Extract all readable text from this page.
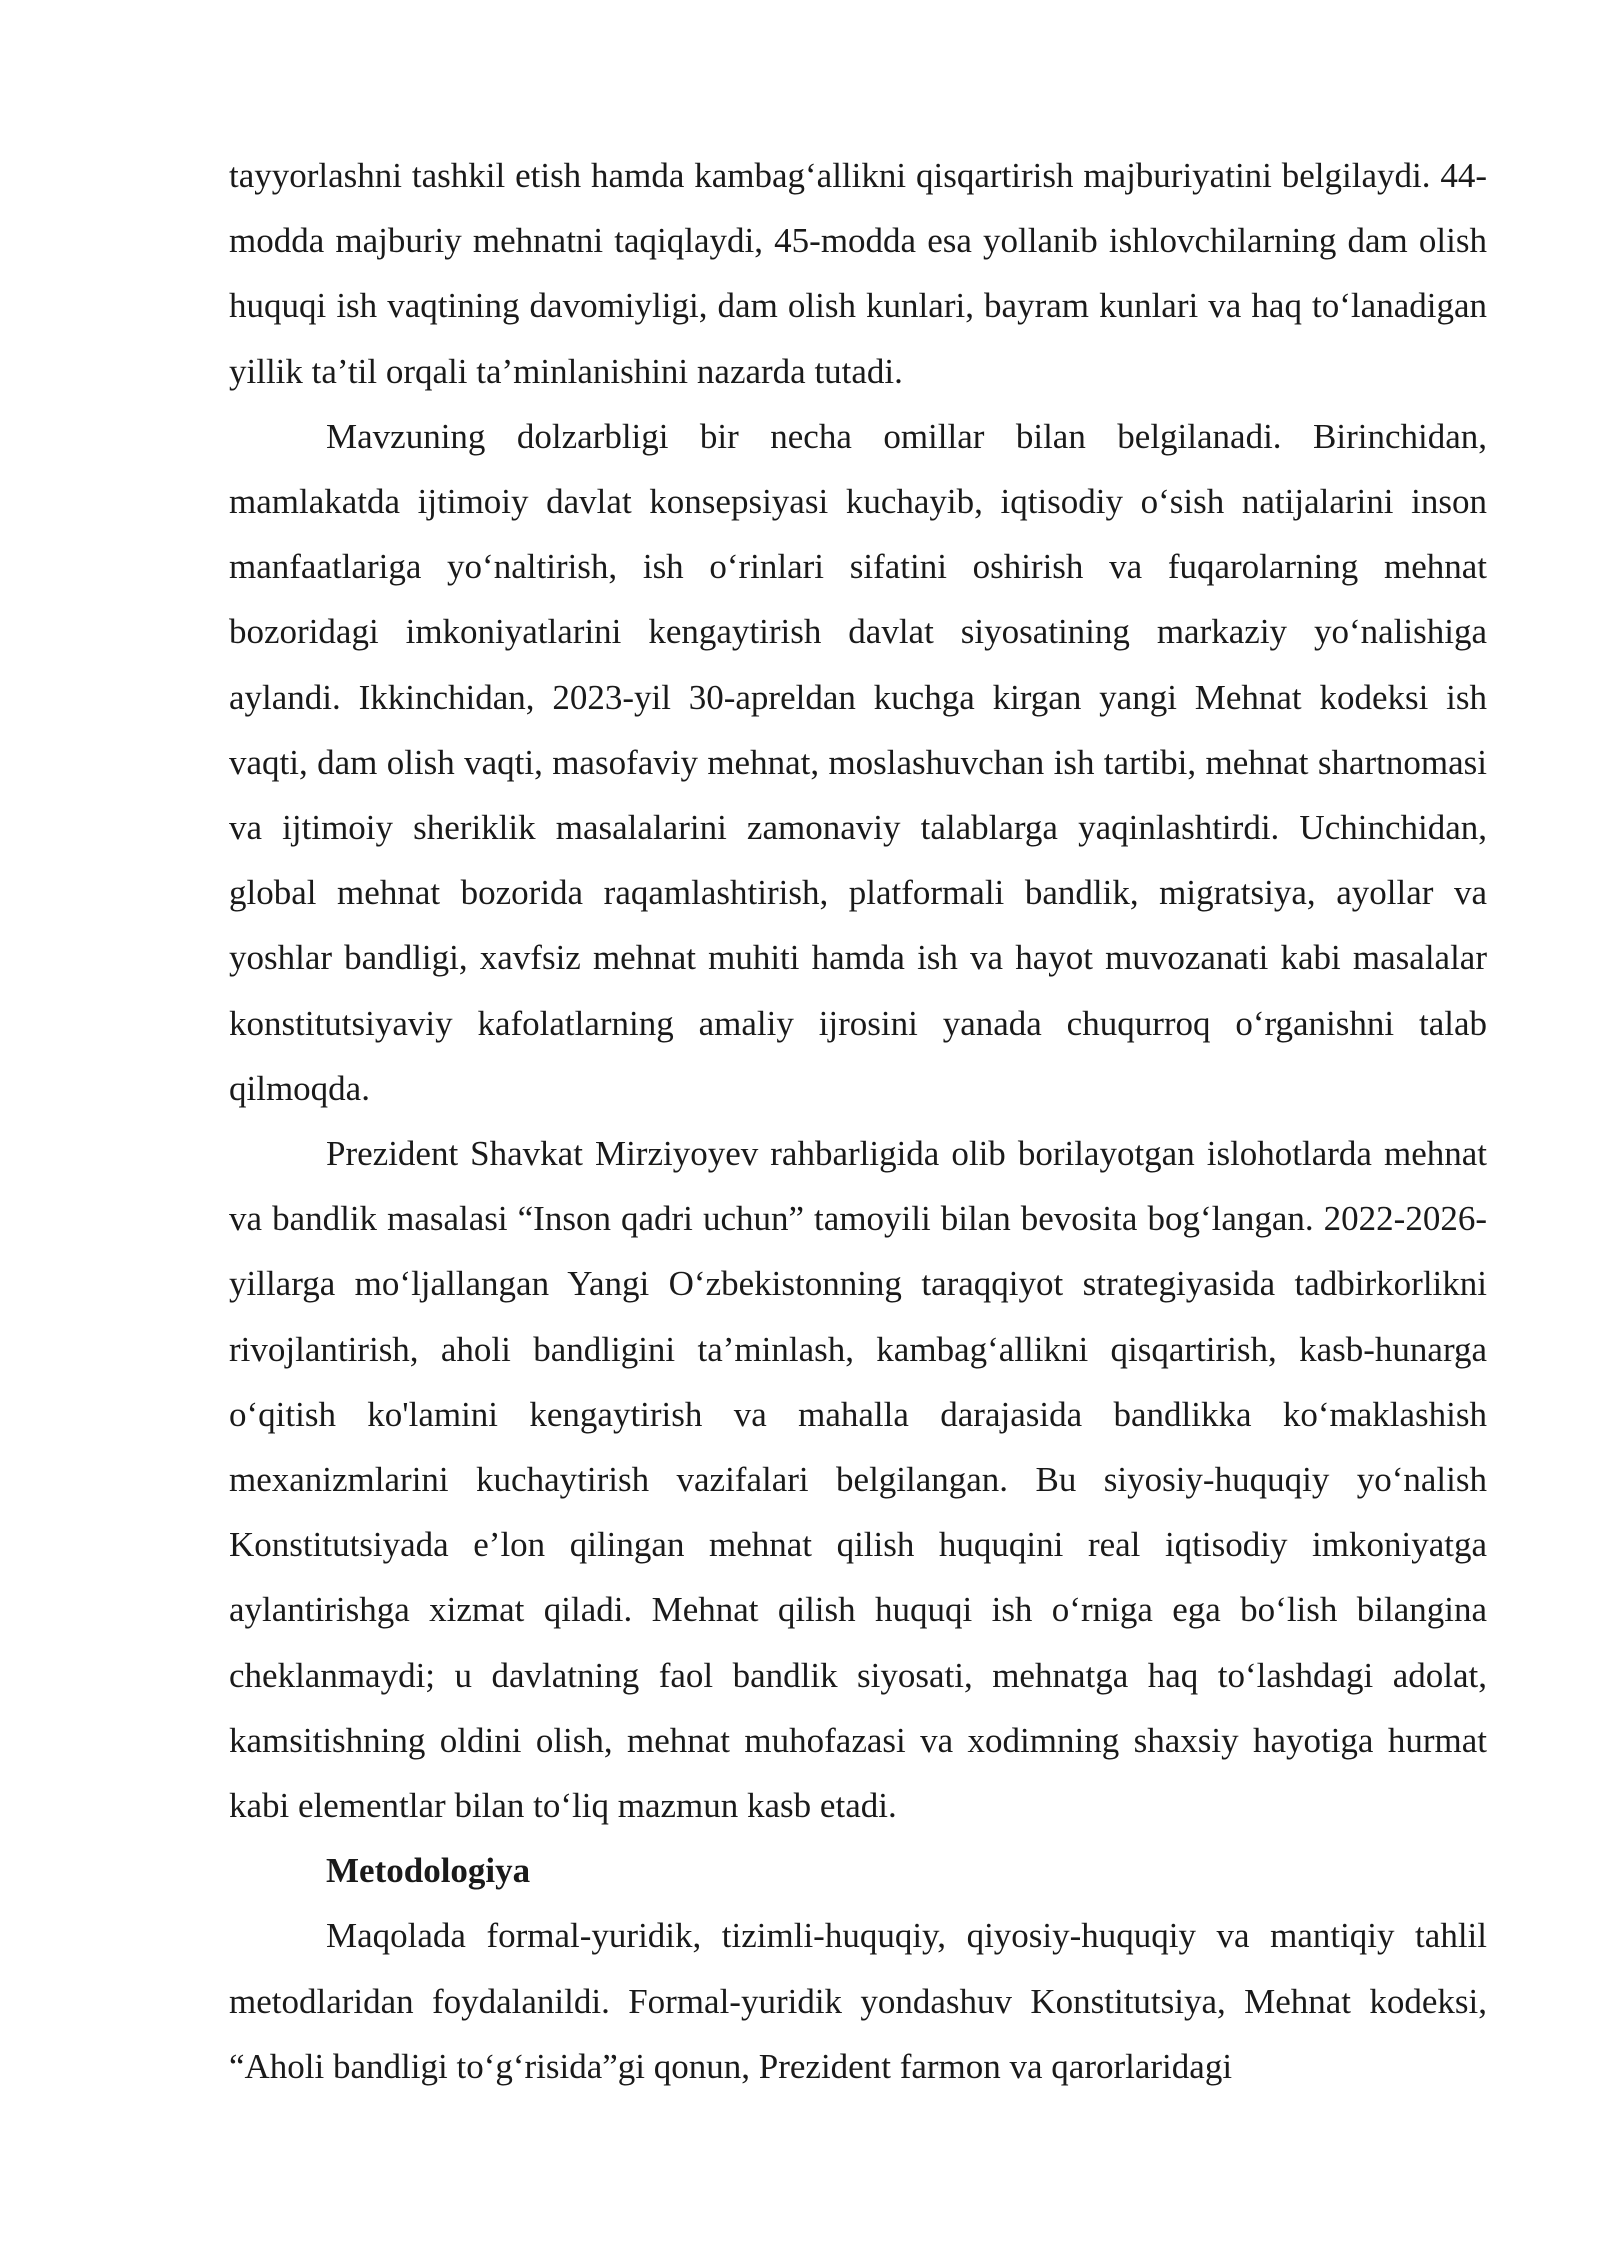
tayyorlashni tashkil etish hamda kambag‘allikni qisqartirish majburiyatini belgilaydi. 44-modda majburiy mehnatni taqiqlaydi, 45-modda esa yollanib ishlovchilarning dam olish huquqi ish vaqtining davomiyligi, dam olish kunlari, bayram kunlari va haq to‘lanadigan yillik ta’til orqali ta’minlanishini nazarda tutadi.

Mavzuning dolzarbligi bir necha omillar bilan belgilanadi. Birinchidan, mamlakatda ijtimoiy davlat konsepsiyasi kuchayib, iqtisodiy o‘sish natijalarini inson manfaatlariga yo‘naltirish, ish o‘rinlari sifatini oshirish va fuqarolarning mehnat bozoridagi imkoniyatlarini kengaytirish davlat siyosatining markaziy yo‘nalishiga aylandi. Ikkinchidan, 2023-yil 30-apreldan kuchga kirgan yangi Mehnat kodeksi ish vaqti, dam olish vaqti, masofaviy mehnat, moslashuvchan ish tartibi, mehnat shartnomasi va ijtimoiy sheriklik masalalarini zamonaviy talablarga yaqinlashtirdi. Uchinchidan, global mehnat bozorida raqamlashtirish, platformali bandlik, migratsiya, ayollar va yoshlar bandligi, xavfsiz mehnat muhiti hamda ish va hayot muvozanati kabi masalalar konstitutsiyaviy kafolatlarning amaliy ijrosini yanada chuqurroq o‘rganishni talab qilmoqda.

Prezident Shavkat Mirziyoyev rahbarligida olib borilayotgan islohotlarda mehnat va bandlik masalasi “Inson qadri uchun” tamoyili bilan bevosita bog‘langan. 2022-2026-yillarga mo‘ljallangan Yangi O‘zbekistonning taraqqiyot strategiyasida tadbirkorlikni rivojlantirish, aholi bandligini ta’minlash, kambag‘allikni qisqartirish, kasb-hunarga o‘qitish ko'lamini kengaytirish va mahalla darajasida bandlikka ko‘maklashish mexanizmlarini kuchaytirish vazifalari belgilangan. Bu siyosiy-huquqiy yo‘nalish Konstitutsiyada e’lon qilingan mehnat qilish huquqini real iqtisodiy imkoniyatga aylantirishga xizmat qiladi. Mehnat qilish huquqi ish o‘rniga ega bo‘lish bilangina cheklanmaydi; u davlatning faol bandlik siyosati, mehnatga haq to‘lashdagi adolat, kamsitishning oldini olish, mehnat muhofazasi va xodimning shaxsiy hayotiga hurmat kabi elementlar bilan to‘liq mazmun kasb etadi.

Metodologiya

Maqolada formal-yuridik, tizimli-huquqiy, qiyosiy-huquqiy va mantiqiy tahlil metodlaridan foydalanildi. Formal-yuridik yondashuv Konstitutsiya, Mehnat kodeksi, “Aholi bandligi to‘g‘risida”gi qonun, Prezident farmon va qarorlaridagi
